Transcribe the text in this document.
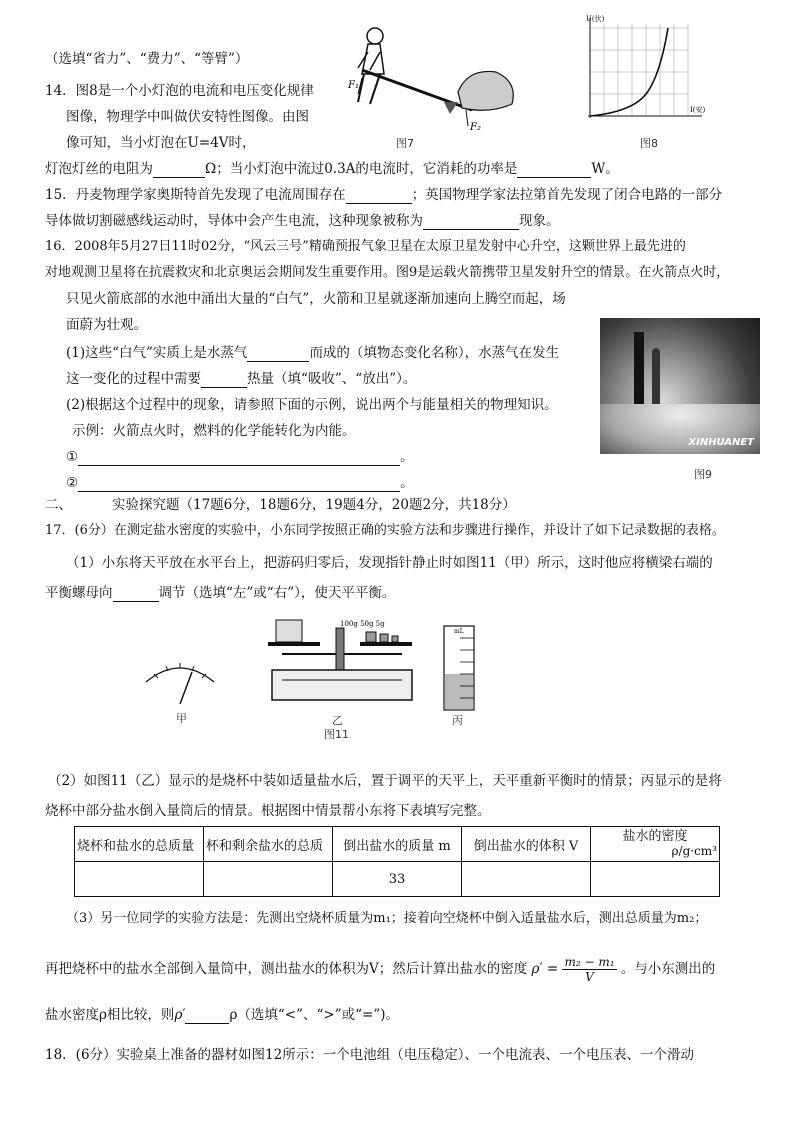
（选填“省力”、“费力”、“等臂”）
14．图8是一个小灯泡的电流和电压变化规律
图像，物理学中叫做伏安特性图像。由图
像可知，当小灯泡在U=4V时，
灯泡灯丝的电阻为	Ω；当小灯泡中流过0.3A的电流时，它消耗的功率是	W。
15．丹麦物理学家奥斯特首先发现了电流周围存在	；英国物理学家法拉第首先发现了闭合电路的一部分
导体做切割磁感线运动时，导体中会产生电流，这种现象被称为	现象。
16．2008年5月27日11时02分，“风云三号”精确预报气象卫星在太原卫星发射中心升空，这颗世界上最先进的
对地观测卫星将在抗震救灾和北京奥运会期间发生重要作用。图9是运载火箭携带卫星发射升空的情景。在火箭点火时，
只见火箭底部的水池中涌出大量的“白气”，火箭和卫星就逐渐加速向上腾空而起，场
面蔚为壮观。
(1)这些“白气”实质上是水蒸气	而成的（填物态变化名称），水蒸气在发生
这一变化的过程中需要	热量（填“吸收”、“放出”）。
(2)根据这个过程中的现象，请参照下面的示例，说出两个与能量相关的物理知识。
示例：火箭点火时，燃料的化学能转化为内能。
①	。
②	。
二、	实验探究题（17题6分，18题6分，19题4分，20题2分，共18分）
17．(6分）在测定盐水密度的实验中，小东同学按照正确的实验方法和步骤进行操作，并设计了如下记录数据的表格。
（1）小东将天平放在水平台上，把游码归零后，发现指针静止时如图11（甲）所示，这时他应将横梁右端的
平衡螺母向	调节（选填“左”或“右”），使天平平衡。
（2）如图11（乙）显示的是烧杯中装如适量盐水后，置于调平的天平上，天平重新平衡时的情景；丙显示的是将
烧杯中部分盐水倒入量筒后的情景。根据图中情景帮小东将下表填写完整。
（3）另一位同学的实验方法是：先测出空烧杯质量为m₁；接着向空烧杯中倒入适量盐水后，测出总质量为m₂；
再把烧杯中的盐水全部倒入量筒中，测出盐水的体积为V；然后计算出盐水的密度 $\rho' = \frac{\text{m₂ − m₁}}{V}$ 。与小东测出的
盐水密度ρ相比较，则ρ′	ρ（选填“<”、“>”或“=”)。
18．(6分）实验桌上准备的器材如图12所示：一个电池组（电压稳定）、一个电流表、一个电压表、一个滑动
F₁
F₂
图7
U(伏)
I(安)
图8
XINHUANET
图9
甲
100g 50g 5g
乙
图11
mL
丙
烧杯和盐水的总质量	杯和剩余盐水的总质	倒出盐水的质量 m	倒出盐水的体积 V	盐水的密度
ρ/g·cm³

		33		
